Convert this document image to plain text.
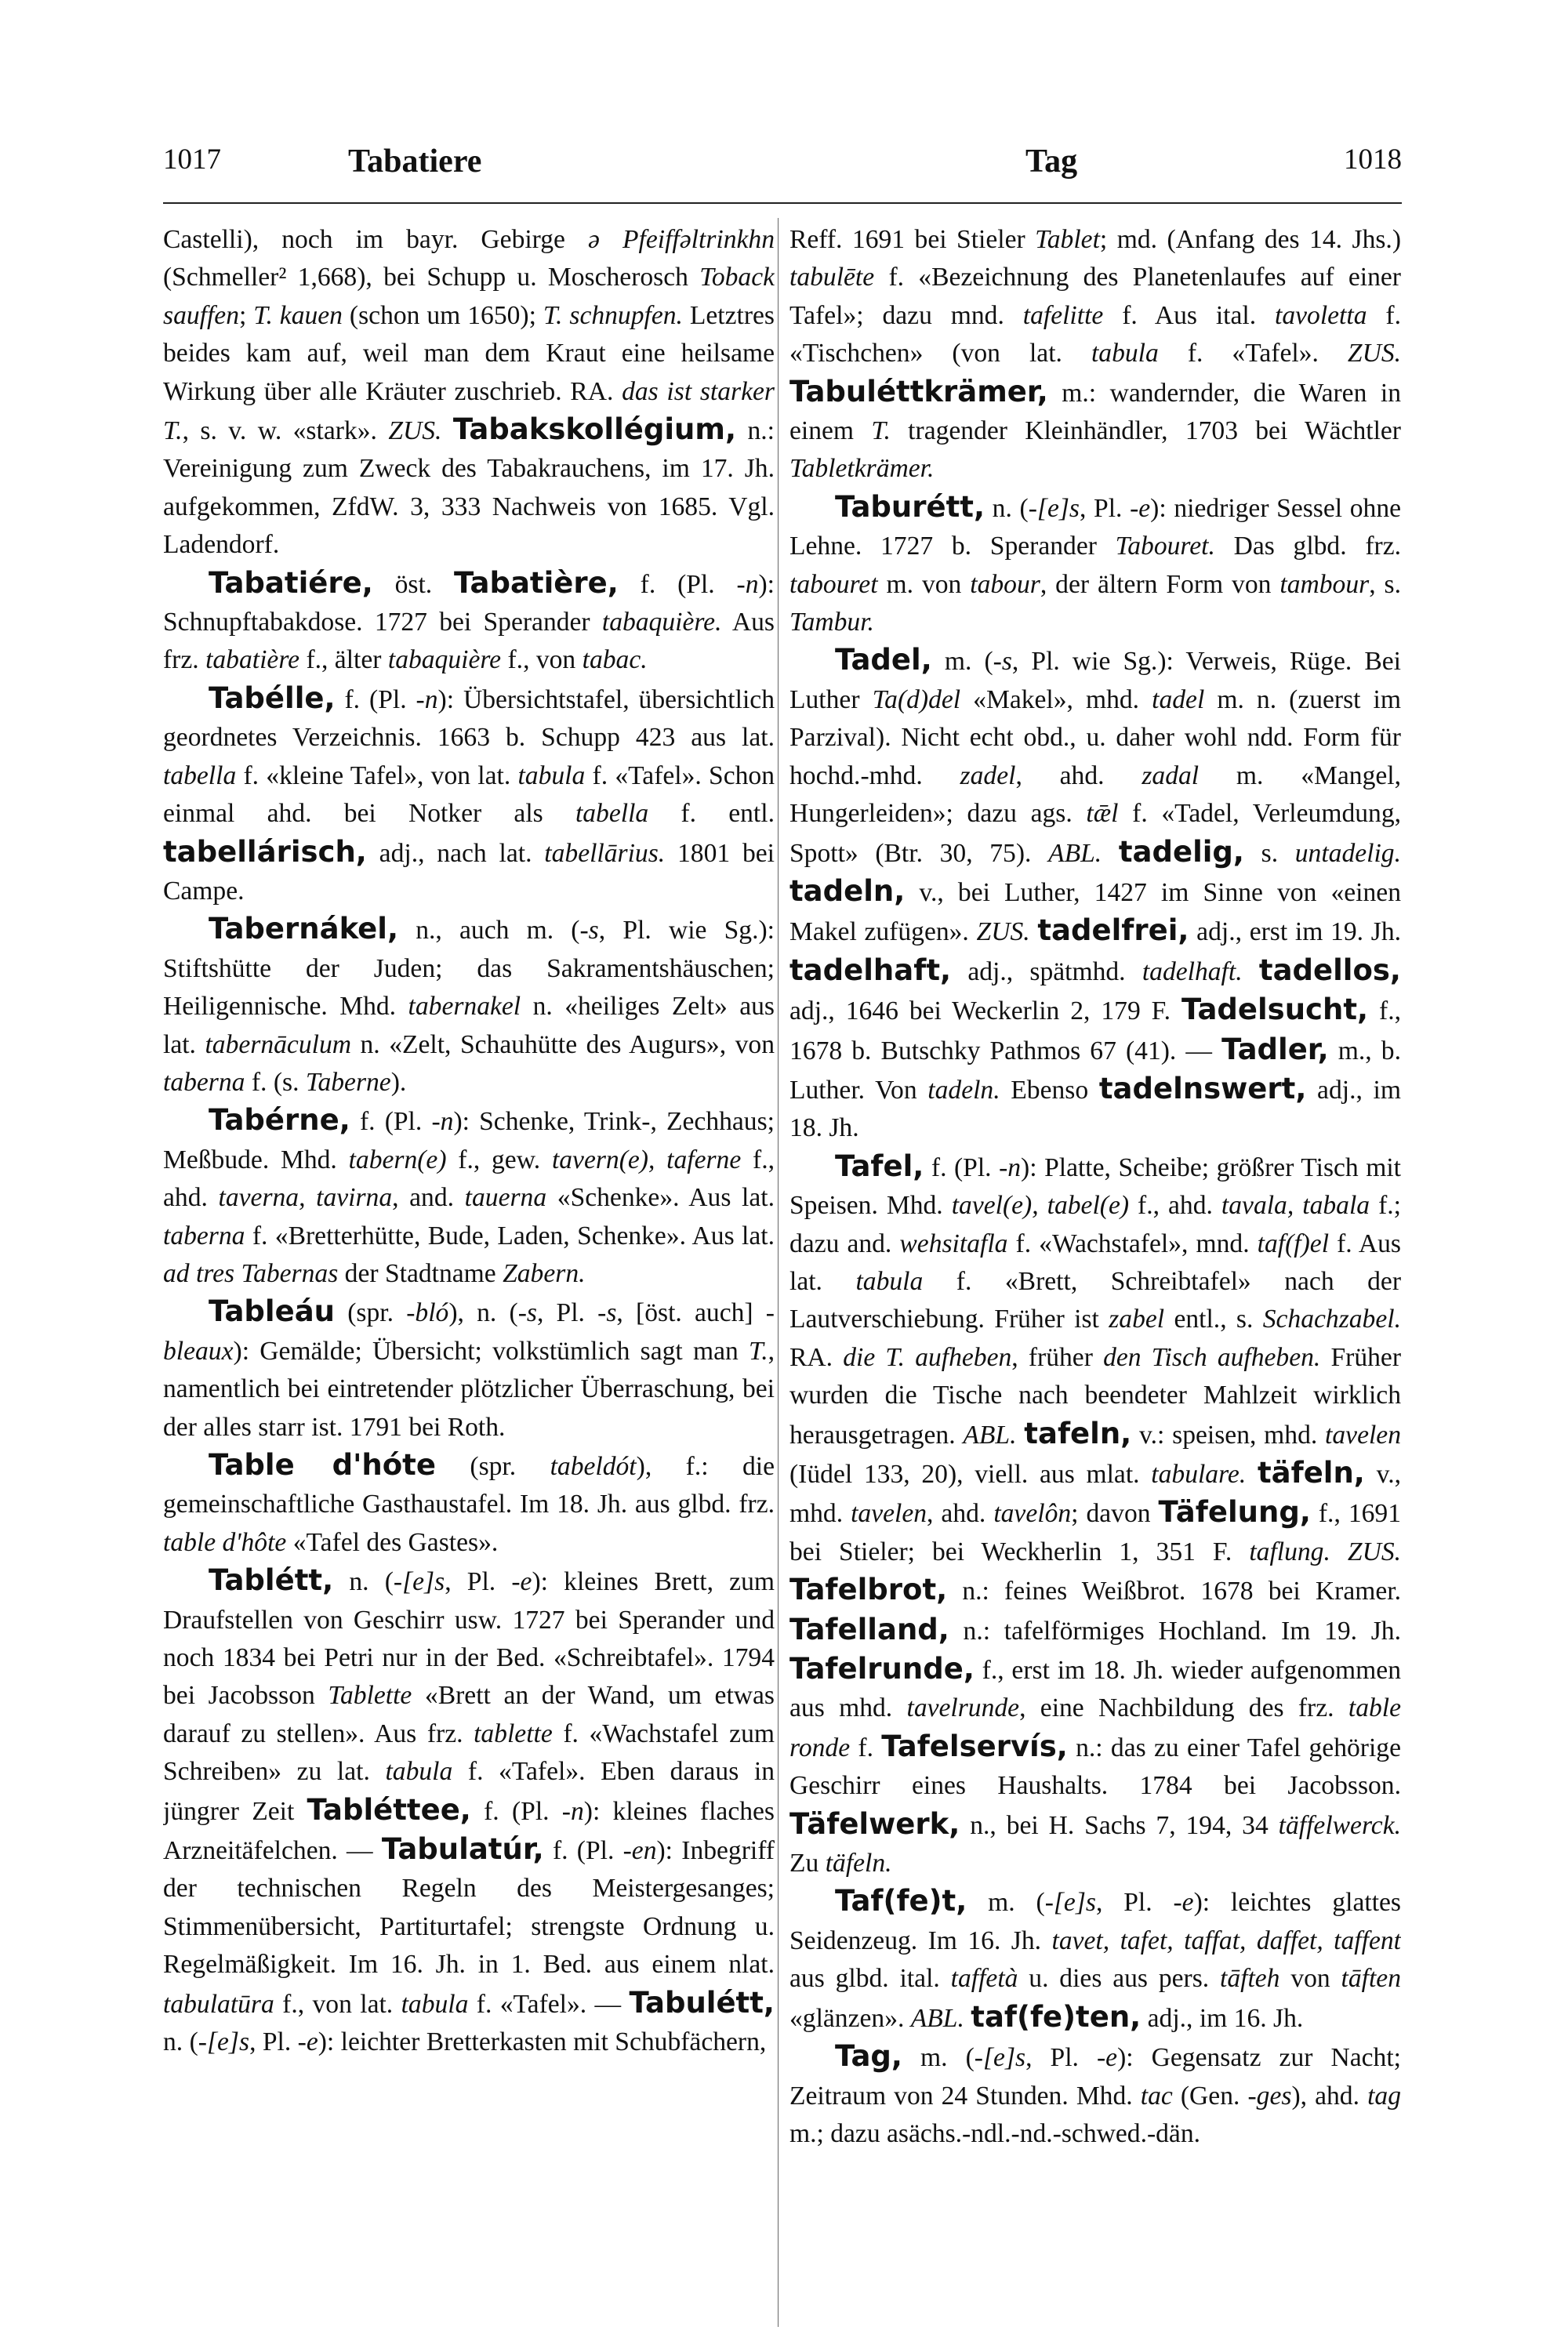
1017	Tabatiere	Tag	1018

Castelli), noch im bayr. Gebirge ə Pfeiffəltrinkhn (Schmeller² 1,668), bei Schupp u. Moscherosch Toback sauffen; T. kauen (schon um 1650); T. schnupfen. Letztres beides kam auf, weil man dem Kraut eine heilsame Wirkung über alle Kräuter zuschrieb. RA. das ist starker T., s. v. w. «stark». ZUS. Tabakskollégium, n.: Vereinigung zum Zweck des Tabakrauchens, im 17. Jh. aufgekommen, ZfdW. 3, 333 Nachweis von 1685. Vgl. Ladendorf.

Tabatiére, öst. Tabatière, f. (Pl. -n): Schnupftabakdose. 1727 bei Sperander tabaquière. Aus frz. tabatière f., älter tabaquière f., von tabac.

Tabélle, f. (Pl. -n): Übersichtstafel, übersichtlich geordnetes Verzeichnis. 1663 b. Schupp 423 aus lat. tabella f. «kleine Tafel», von lat. tabula f. «Tafel». Schon einmal ahd. bei Notker als tabella f. entl. tabellárisch, adj., nach lat. tabellārius. 1801 bei Campe.

Tabernákel, n., auch m. (-s, Pl. wie Sg.): Stiftshütte der Juden; das Sakramentshäuschen; Heiligennische. Mhd. tabernakel n. «heiliges Zelt» aus lat. tabernāculum n. «Zelt, Schauhütte des Augurs», von taberna f. (s. Taberne).

Tabérne, f. (Pl. -n): Schenke, Trink-, Zechhaus; Meßbude. Mhd. tabern(e) f., gew. tavern(e), taferne f., ahd. taverna, tavirna, and. tauerna «Schenke». Aus lat. taberna f. «Bretterhütte, Bude, Laden, Schenke». Aus lat. ad tres Tabernas der Stadtname Zabern.

Tableáu (spr. -bló), n. (-s, Pl. -s, [öst. auch] -bleaux): Gemälde; Übersicht; volkstümlich sagt man T., namentlich bei eintretender plötzlicher Überraschung, bei der alles starr ist. 1791 bei Roth.

Table d'hóte (spr. tabeldót), f.: die gemeinschaftliche Gasthaustafel. Im 18. Jh. aus glbd. frz. table d'hôte «Tafel des Gastes».

Tablétt, n. (-[e]s, Pl. -e): kleines Brett, zum Draufstellen von Geschirr usw. 1727 bei Sperander und noch 1834 bei Petri nur in der Bed. «Schreibtafel». 1794 bei Jacobsson Tablette «Brett an der Wand, um etwas darauf zu stellen». Aus frz. tablette f. «Wachstafel zum Schreiben» zu lat. tabula f. «Tafel». Eben daraus in jüngrer Zeit Tabléttee, f. (Pl. -n): kleines flaches Arzneitäfelchen. — Tabulatúr, f. (Pl. -en): Inbegriff der technischen Regeln des Meistergesanges; Stimmenübersicht, Partiturtafel; strengste Ordnung u. Regelmäßigkeit. Im 16. Jh. in 1. Bed. aus einem nlat. tabulatūra f., von lat. tabula f. «Tafel». — Tabulétt, n. (-[e]s, Pl. -e): leichter Bretterkasten mit Schubfächern,

Reff. 1691 bei Stieler Tablet; md. (Anfang des 14. Jhs.) tabulēte f. «Bezeichnung des Planetenlaufes auf einer Tafel»; dazu mnd. tafelitte f. Aus ital. tavoletta f. «Tischchen» (von lat. tabula f. «Tafel». ZUS. Tabuléttkrämer, m.: wandernder, die Waren in einem T. tragender Kleinhändler, 1703 bei Wächtler Tabletkrämer.

Taburétt, n. (-[e]s, Pl. -e): niedriger Sessel ohne Lehne. 1727 b. Sperander Tabouret. Das glbd. frz. tabouret m. von tabour, der ältern Form von tambour, s. Tambur.

Tadel, m. (-s, Pl. wie Sg.): Verweis, Rüge. Bei Luther Ta(d)del «Makel», mhd. tadel m. n. (zuerst im Parzival). Nicht echt obd., u. daher wohl ndd. Form für hochd.-mhd. zadel, ahd. zadal m. «Mangel, Hungerleiden»; dazu ags. tǣl f. «Tadel, Verleumdung, Spott» (Btr. 30, 75). ABL. tadelig, s. untadelig. tadeln, v., bei Luther, 1427 im Sinne von «einen Makel zufügen». ZUS. tadelfrei, adj., erst im 19. Jh. tadelhaft, adj., spätmhd. tadelhaft. tadellos, adj., 1646 bei Weckerlin 2, 179 F. Tadelsucht, f., 1678 b. Butschky Pathmos 67 (41). — Tadler, m., b. Luther. Von tadeln. Ebenso tadelnswert, adj., im 18. Jh.

Tafel, f. (Pl. -n): Platte, Scheibe; größrer Tisch mit Speisen. Mhd. tavel(e), tabel(e) f., ahd. tavala, tabala f.; dazu and. wehsitafla f. «Wachstafel», mnd. taf(f)el f. Aus lat. tabula f. «Brett, Schreibtafel» nach der Lautverschiebung. Früher ist zabel entl., s. Schachzabel. RA. die T. aufheben, früher den Tisch aufheben. Früher wurden die Tische nach beendeter Mahlzeit wirklich herausgetragen. ABL. tafeln, v.: speisen, mhd. tavelen (Iüdel 133, 20), viell. aus mlat. tabulare. täfeln, v., mhd. tavelen, ahd. tavelôn; davon Täfelung, f., 1691 bei Stieler; bei Weckherlin 1, 351 F. taflung. ZUS. Tafelbrot, n.: feines Weißbrot. 1678 bei Kramer. Tafelland, n.: tafelförmiges Hochland. Im 19. Jh. Tafelrunde, f., erst im 18. Jh. wieder aufgenommen aus mhd. tavelrunde, eine Nachbildung des frz. table ronde f. Tafelservís, n.: das zu einer Tafel gehörige Geschirr eines Haushalts. 1784 bei Jacobsson. Täfelwerk, n., bei H. Sachs 7, 194, 34 täffelwerck. Zu täfeln.

Taf(fe)t, m. (-[e]s, Pl. -e): leichtes glattes Seidenzeug. Im 16. Jh. tavet, tafet, taffat, daffet, taffent aus glbd. ital. taffetà u. dies aus pers. tāfteh von tāften «glänzen». ABL. taf(fe)ten, adj., im 16. Jh.

Tag, m. (-[e]s, Pl. -e): Gegensatz zur Nacht; Zeitraum von 24 Stunden. Mhd. tac (Gen. -ges), ahd. tag m.; dazu asächs.-ndl.-nd.-schwed.-dän.
